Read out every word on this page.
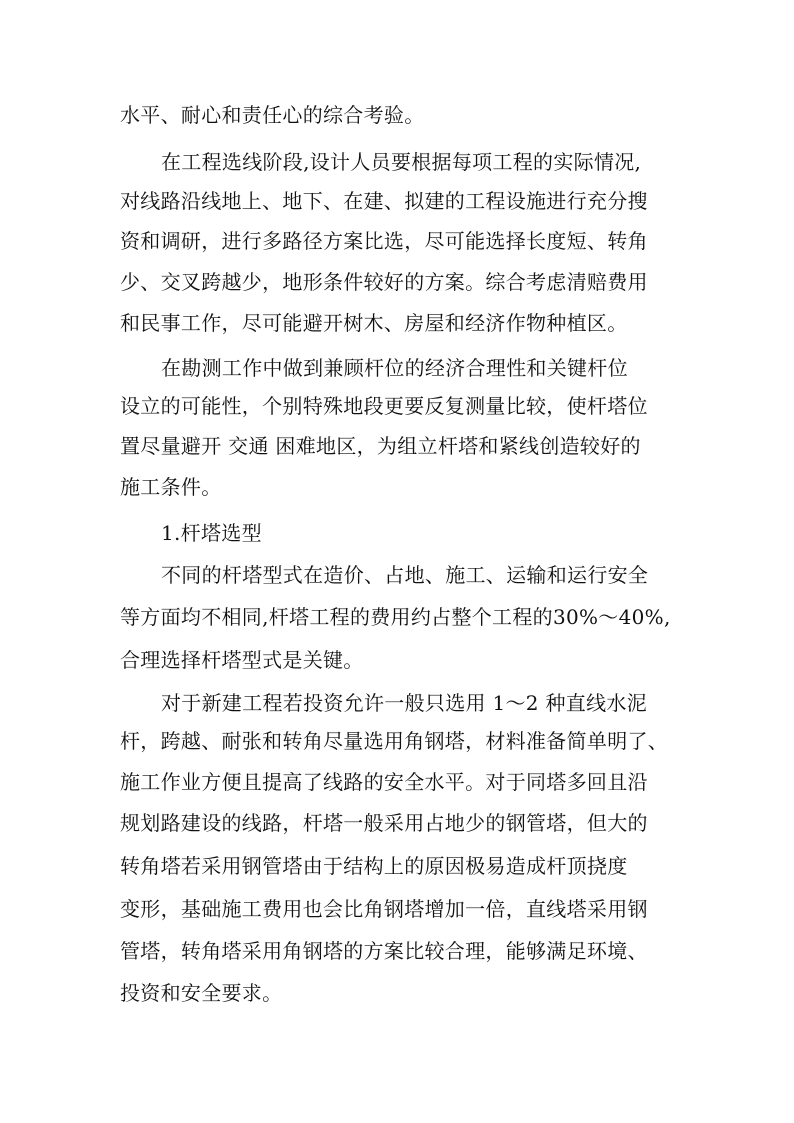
水平、耐心和责任心的综合考验。

在工程选线阶段,设计人员要根据每项工程的实际情况,

对线路沿线地上、地下、在建、拟建的工程设施进行充分搜

资和调研，进行多路径方案比选，尽可能选择长度短、转角

少、交叉跨越少，地形条件较好的方案。综合考虑清赔费用

和民事工作，尽可能避开树木、房屋和经济作物种植区。

在勘测工作中做到兼顾杆位的经济合理性和关键杆位

设立的可能性，个别特殊地段更要反复测量比较，使杆塔位

置尽量避开 交通 困难地区，为组立杆塔和紧线创造较好的

施工条件。

1.杆塔选型

不同的杆塔型式在造价、占地、施工、运输和运行安全

等方面均不相同,杆塔工程的费用约占整个工程的30%～40%,

合理选择杆塔型式是关键。

对于新建工程若投资允许一般只选用 1～2 种直线水泥

杆，跨越、耐张和转角尽量选用角钢塔，材料准备简单明了、

施工作业方便且提高了线路的安全水平。对于同塔多回且沿

规划路建设的线路，杆塔一般采用占地少的钢管塔，但大的

转角塔若采用钢管塔由于结构上的原因极易造成杆顶挠度

变形，基础施工费用也会比角钢塔增加一倍，直线塔采用钢

管塔，转角塔采用角钢塔的方案比较合理，能够满足环境、

投资和安全要求。
